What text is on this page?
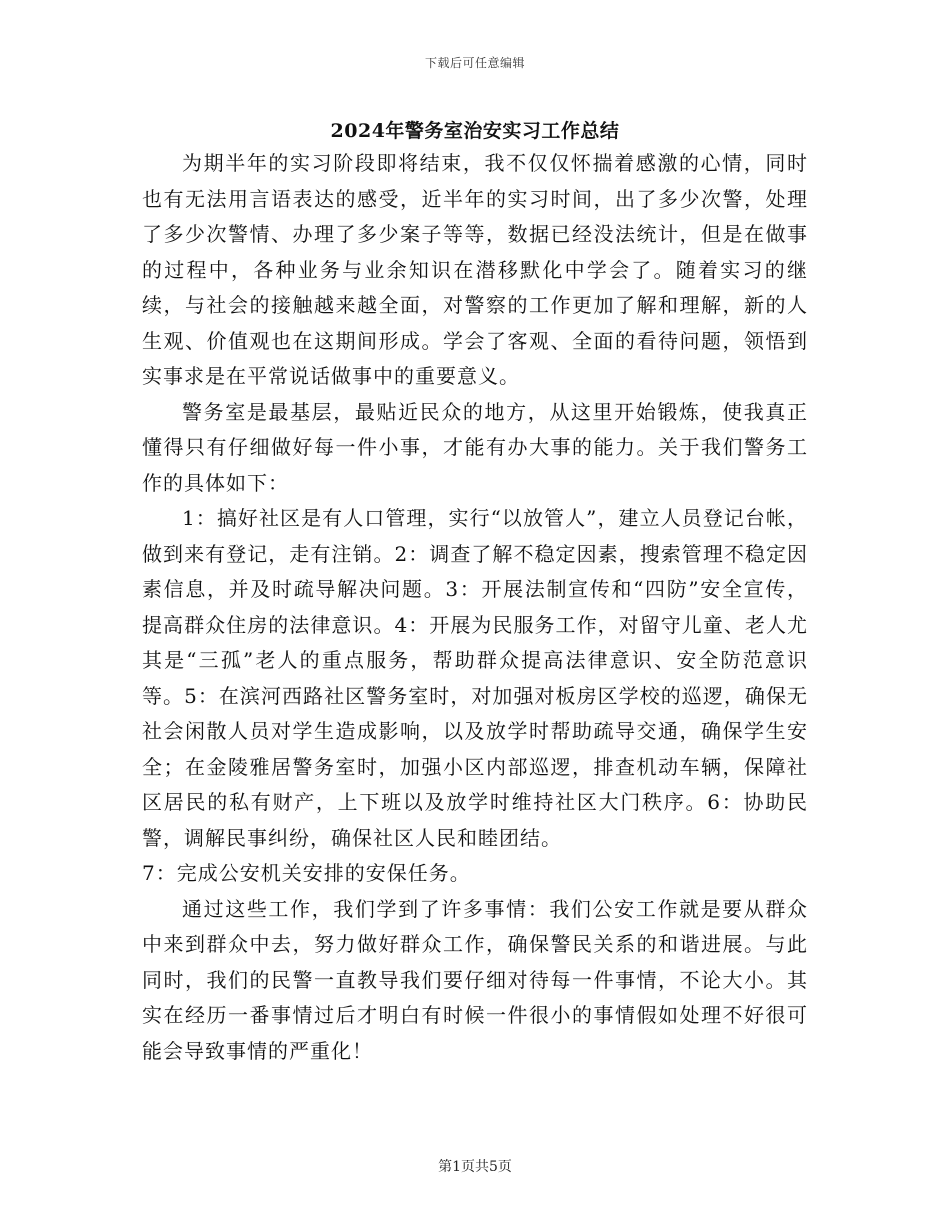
下载后可任意编辑
2024年警务室治安实习工作总结

为期半年的实习阶段即将结束，我不仅仅怀揣着感激的心情，同时也有无法用言语表达的感受，近半年的实习时间，出了多少次警，处理了多少次警情、办理了多少案子等等，数据已经没法统计，但是在做事的过程中，各种业务与业余知识在潜移默化中学会了。随着实习的继续，与社会的接触越来越全面，对警察的工作更加了解和理解，新的人生观、价值观也在这期间形成。学会了客观、全面的看待问题，领悟到实事求是在平常说话做事中的重要意义。

警务室是最基层，最贴近民众的地方，从这里开始锻炼，使我真正懂得只有仔细做好每一件小事，才能有办大事的能力。关于我们警务工作的具体如下：

1：搞好社区是有人口管理，实行“以放管人”，建立人员登记台帐，做到来有登记，走有注销。2：调查了解不稳定因素，搜索管理不稳定因素信息，并及时疏导解决问题。3：开展法制宣传和“四防”安全宣传，提高群众住房的法律意识。4：开展为民服务工作，对留守儿童、老人尤其是“三孤”老人的重点服务，帮助群众提高法律意识、安全防范意识等。5：在滨河西路社区警务室时，对加强对板房区学校的巡逻，确保无社会闲散人员对学生造成影响，以及放学时帮助疏导交通，确保学生安全；在金陵雅居警务室时，加强小区内部巡逻，排查机动车辆，保障社区居民的私有财产，上下班以及放学时维持社区大门秩序。6：协助民警，调解民事纠纷，确保社区人民和睦团结。

7：完成公安机关安排的安保任务。

通过这些工作，我们学到了许多事情：我们公安工作就是要从群众中来到群众中去，努力做好群众工作，确保警民关系的和谐进展。与此同时，我们的民警一直教导我们要仔细对待每一件事情，不论大小。其实在经历一番事情过后才明白有时候一件很小的事情假如处理不好很可能会导致事情的严重化！

第1页共5页
